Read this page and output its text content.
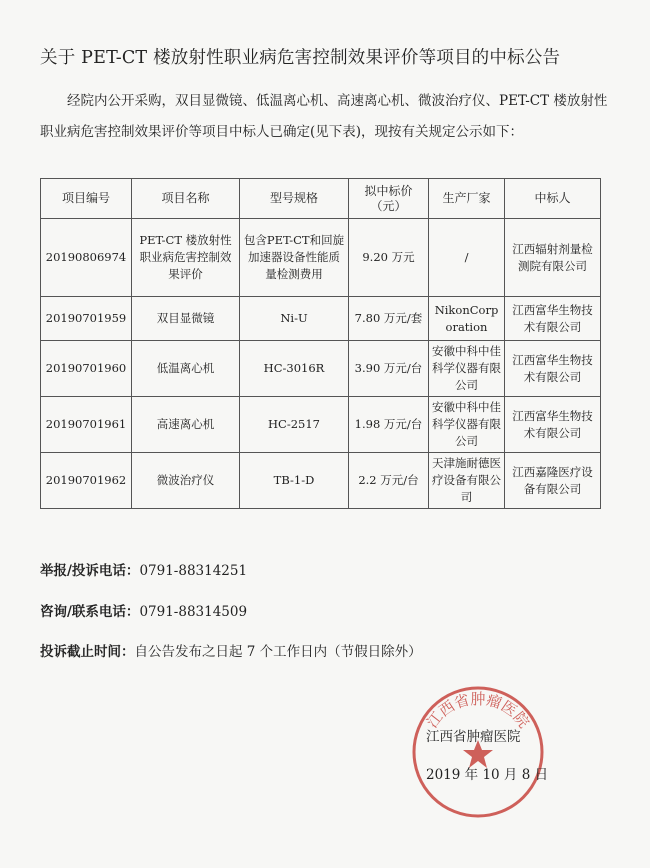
关于 PET-CT 楼放射性职业病危害控制效果评价等项目的中标公告
经院内公开采购，双目显微镜、低温离心机、高速离心机、微波治疗仪、PET-CT 楼放射性职业病危害控制效果评价等项目中标人已确定(见下表)，现按有关规定公示如下：
项目编号	项目名称	型号规格	拟中标价（元）	生产厂家	中标人
20190806974	PET-CT 楼放射性职业病危害控制效果评价	包含PET-CT和回旋加速器设备性能质量检测费用	9.20 万元	/	江西辐射剂量检测院有限公司
20190701959	双目显微镜	Ni-U	7.80 万元/套	NikonCorporation	江西富华生物技术有限公司
20190701960	低温离心机	HC-3016R	3.90 万元/台	安徽中科中佳科学仪器有限公司	江西富华生物技术有限公司
20190701961	高速离心机	HC-2517	1.98 万元/台	安徽中科中佳科学仪器有限公司	江西富华生物技术有限公司
20190701962	微波治疗仪	TB-1-D	2.2 万元/台	天津施耐德医疗设备有限公司	江西嘉隆医疗设备有限公司
举报/投诉电话：0791-88314251
咨询/联系电话：0791-88314509
投诉截止时间：自公告发布之日起 7 个工作日内（节假日除外）
江西省肿瘤医院
江西省肿瘤医院
2019 年 10 月 8 日
